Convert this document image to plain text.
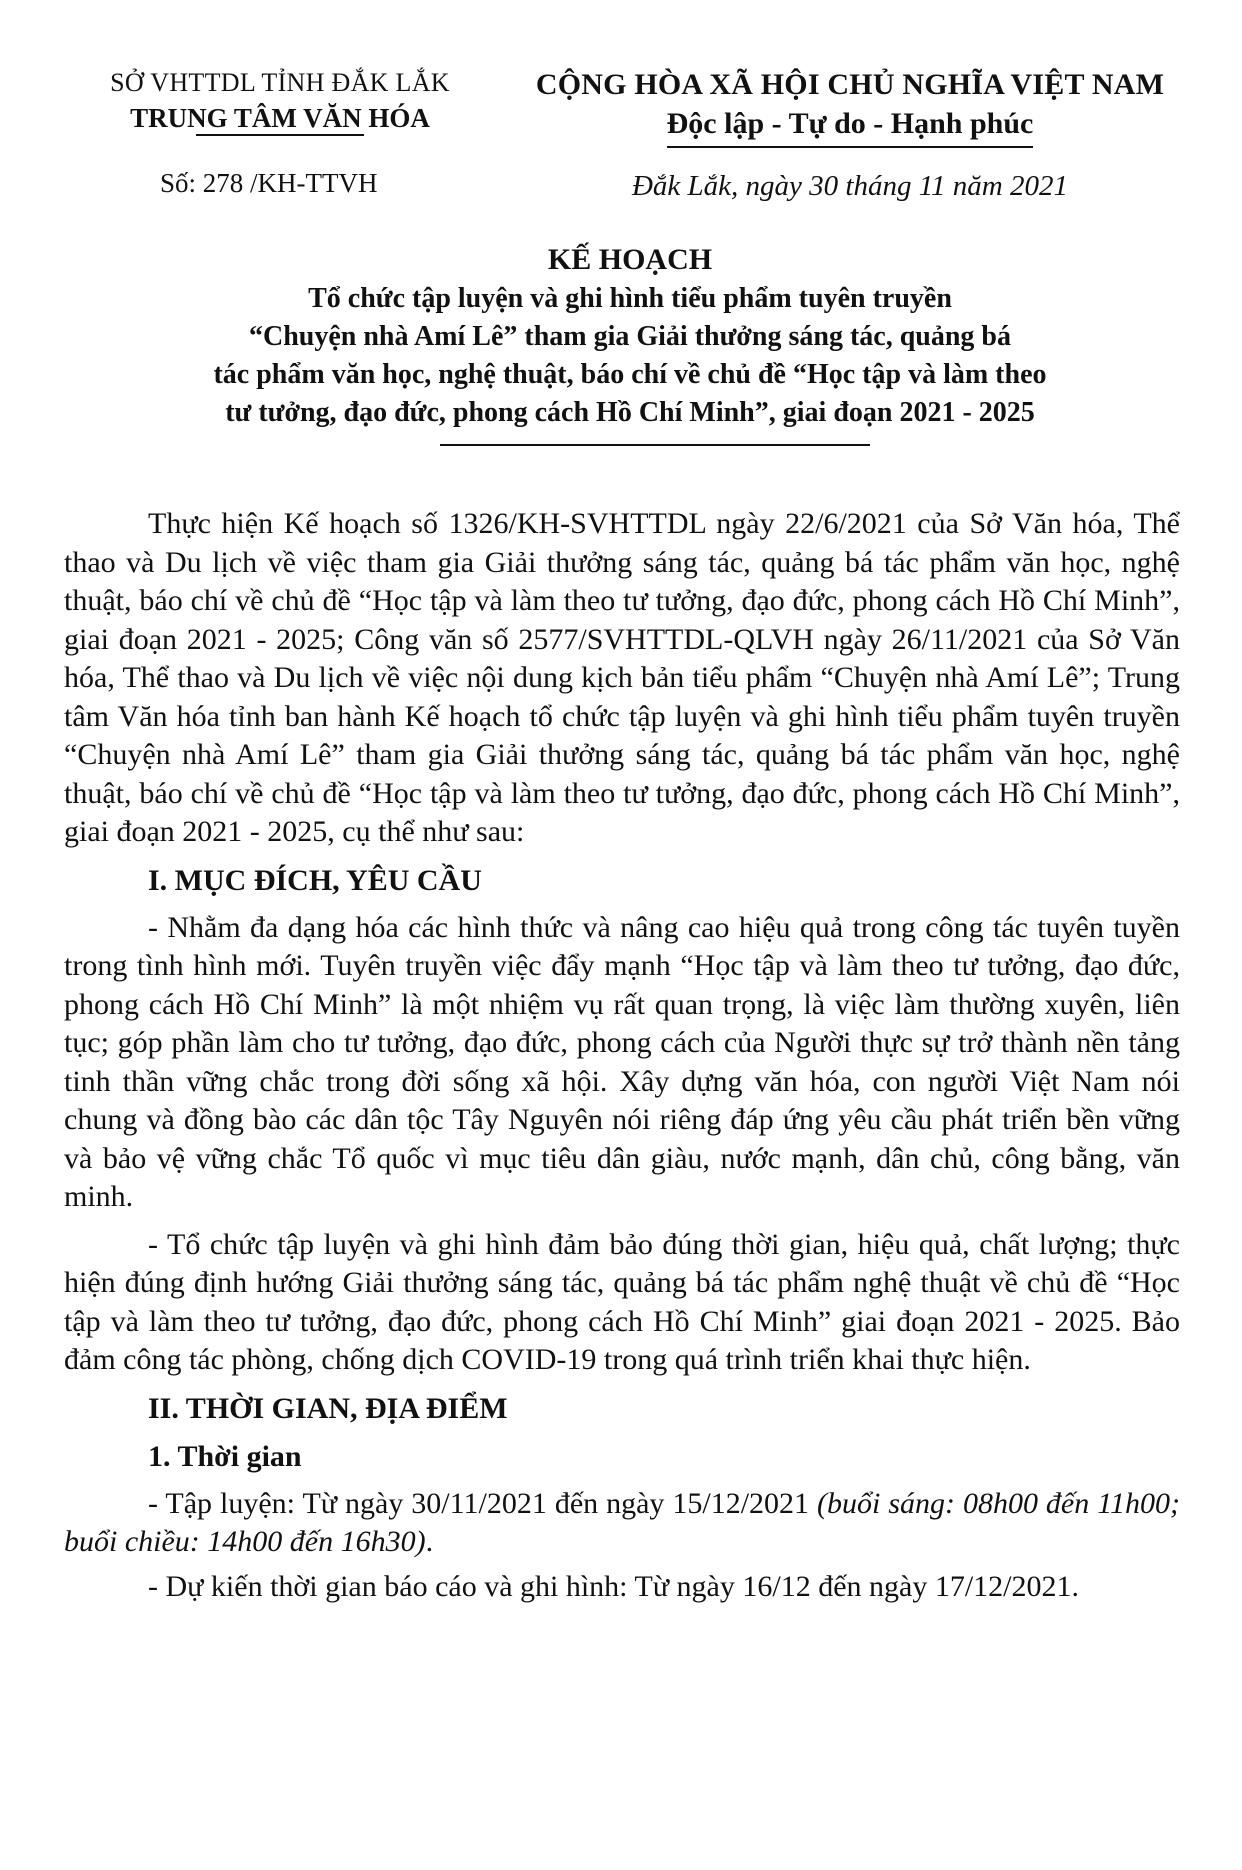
SỞ VHTTDL TỈNH ĐẮK LẮK
TRUNG TÂM VĂN HÓA
Số: 278 /KH-TTVH
CỘNG HÒA XÃ HỘI CHỦ NGHĨA VIỆT NAM
Độc lập - Tự do - Hạnh phúc
Đắk Lắk, ngày 30 tháng 11 năm 2021
KẾ HOẠCH
Tổ chức tập luyện và ghi hình tiểu phẩm tuyên truyền
“Chuyện nhà Amí Lê” tham gia Giải thưởng sáng tác, quảng bá
tác phẩm văn học, nghệ thuật, báo chí về chủ đề “Học tập và làm theo
tư tưởng, đạo đức, phong cách Hồ Chí Minh”, giai đoạn 2021 - 2025

Thực hiện Kế hoạch số 1326/KH-SVHTTDL ngày 22/6/2021 của Sở Văn hóa, Thể thao và Du lịch về việc tham gia Giải thưởng sáng tác, quảng bá tác phẩm văn học, nghệ thuật, báo chí về chủ đề “Học tập và làm theo tư tưởng, đạo đức, phong cách Hồ Chí Minh”, giai đoạn 2021 - 2025; Công văn số 2577/SVHTTDL-QLVH ngày 26/11/2021 của Sở Văn hóa, Thể thao và Du lịch về việc nội dung kịch bản tiểu phẩm “Chuyện nhà Amí Lê”; Trung tâm Văn hóa tỉnh ban hành Kế hoạch tổ chức tập luyện và ghi hình tiểu phẩm tuyên truyền “Chuyện nhà Amí Lê” tham gia Giải thưởng sáng tác, quảng bá tác phẩm văn học, nghệ thuật, báo chí về chủ đề “Học tập và làm theo tư tưởng, đạo đức, phong cách Hồ Chí Minh”, giai đoạn 2021 - 2025, cụ thể như sau:

I. MỤC ĐÍCH, YÊU CẦU

- Nhằm đa dạng hóa các hình thức và nâng cao hiệu quả trong công tác tuyên tuyền trong tình hình mới. Tuyên truyền việc đẩy mạnh “Học tập và làm theo tư tưởng, đạo đức, phong cách Hồ Chí Minh” là một nhiệm vụ rất quan trọng, là việc làm thường xuyên, liên tục; góp phần làm cho tư tưởng, đạo đức, phong cách của Người thực sự trở thành nền tảng tinh thần vững chắc trong đời sống xã hội. Xây dựng văn hóa, con người Việt Nam nói chung và đồng bào các dân tộc Tây Nguyên nói riêng đáp ứng yêu cầu phát triển bền vững và bảo vệ vững chắc Tổ quốc vì mục tiêu dân giàu, nước mạnh, dân chủ, công bằng, văn minh.

- Tổ chức tập luyện và ghi hình đảm bảo đúng thời gian, hiệu quả, chất lượng; thực hiện đúng định hướng Giải thưởng sáng tác, quảng bá tác phẩm nghệ thuật về chủ đề “Học tập và làm theo tư tưởng, đạo đức, phong cách Hồ Chí Minh” giai đoạn 2021 - 2025. Bảo đảm công tác phòng, chống dịch COVID-19 trong quá trình triển khai thực hiện.

II. THỜI GIAN, ĐỊA ĐIỂM
1. Thời gian

- Tập luyện: Từ ngày 30/11/2021 đến ngày 15/12/2021 (buổi sáng: 08h00 đến 11h00; buổi chiều: 14h00 đến 16h30).

- Dự kiến thời gian báo cáo và ghi hình: Từ ngày 16/12 đến ngày 17/12/2021.
